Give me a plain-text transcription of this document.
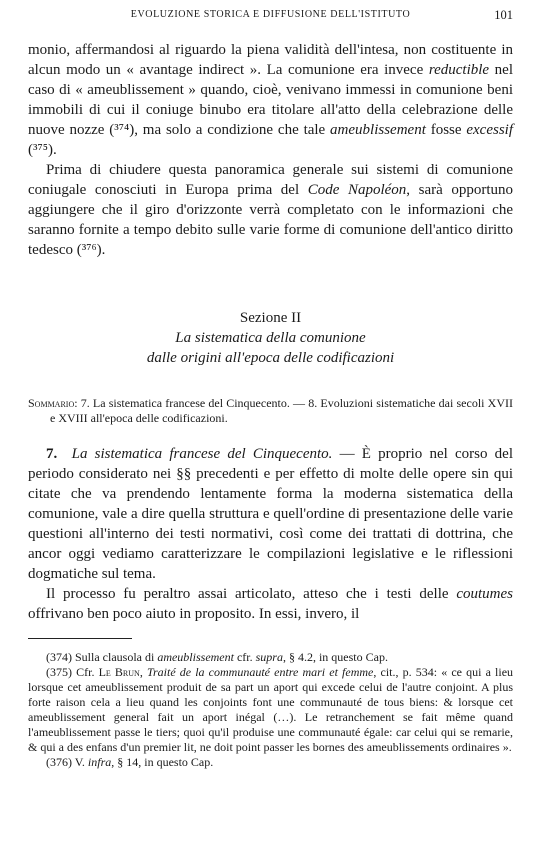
EVOLUZIONE STORICA E DIFFUSIONE DELL'ISTITUTO	101

monio, affermandosi al riguardo la piena validità dell'intesa, non costituente in alcun modo un « avantage indirect ». La comunione era invece reductible nel caso di « ameublissement » quando, cioè, venivano immessi in comunione beni immobili di cui il coniuge binubo era titolare all'atto della celebrazione delle nuove nozze (³⁷⁴), ma solo a condizione che tale ameublissement fosse excessif (³⁷⁵).

Prima di chiudere questa panoramica generale sui sistemi di comunione coniugale conosciuti in Europa prima del Code Napoléon, sarà opportuno aggiungere che il giro d'orizzonte verrà completato con le informazioni che saranno fornite a tempo debito sulle varie forme di comunione dell'antico diritto tedesco (³⁷⁶).

Sezione II
La sistematica della comunione
dalle origini all'epoca delle codificazioni

Sommario: 7. La sistematica francese del Cinquecento. — 8. Evoluzioni sistematiche dai secoli XVII e XVIII all'epoca delle codificazioni.

7. La sistematica francese del Cinquecento. — È proprio nel corso del periodo considerato nei §§ precedenti e per effetto di molte delle opere sin qui citate che va prendendo lentamente forma la moderna sistematica della comunione, vale a dire quella struttura e quell'ordine di presentazione delle varie questioni all'interno dei testi normativi, così come dei trattati di dottrina, che ancor oggi vediamo caratterizzare le compilazioni legislative e le riflessioni dogmatiche sul tema.

Il processo fu peraltro assai articolato, atteso che i testi delle coutumes offrivano ben poco aiuto in proposito. In essi, invero, il

(374) Sulla clausola di ameublissement cfr. supra, § 4.2, in questo Cap.

(375) Cfr. Le Brun, Traité de la communauté entre mari et femme, cit., p. 534: « ce qui a lieu lorsque cet ameublissement produit de sa part un aport qui excede celui de l'autre conjoint. A plus forte raison cela a lieu quand les conjoints font une communauté de tous biens: & lorsque cet ameublissement general fait un aport inégal (…). Le retranchement se fait même quand l'ameublissement passe le tiers; quoi qu'il produise une communauté égale: car celui qui se remarie, & qui a des enfans d'un premier lit, ne doit point passer les bornes des ameublissements ordinaires ».

(376) V. infra, § 14, in questo Cap.
